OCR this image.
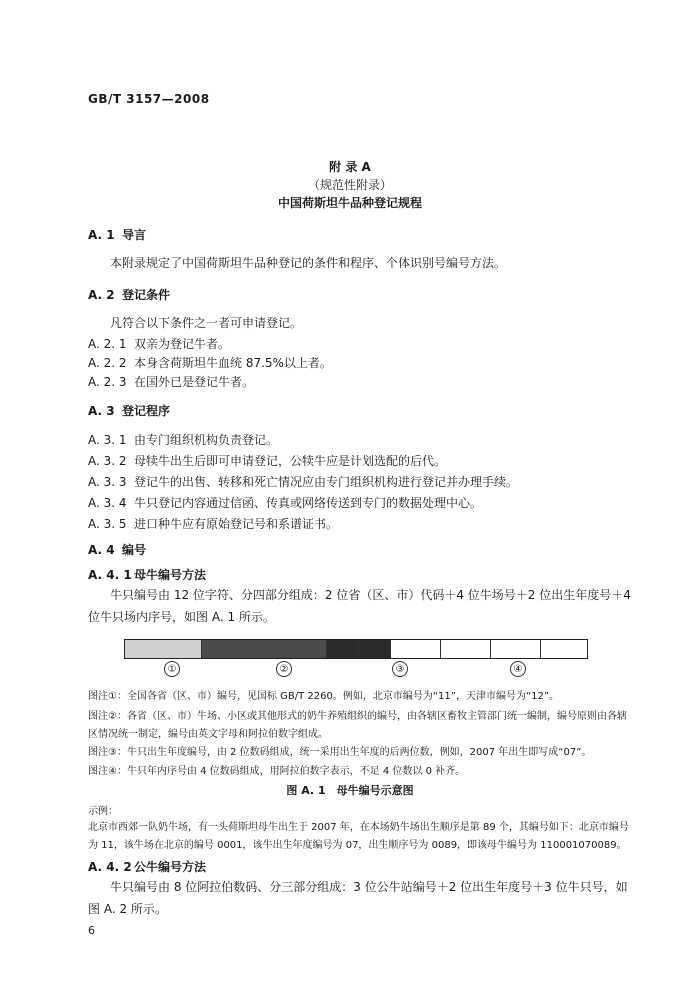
GB/T 3157—2008
附 录 A
（规范性附录）
中国荷斯坦牛品种登记规程
A. 1 导言
本附录规定了中国荷斯坦牛品种登记的条件和程序、个体识别号编号方法。
A. 2 登记条件
凡符合以下条件之一者可申请登记。
A. 2. 1 双亲为登记牛者。
A. 2. 2 本身含荷斯坦牛血统 87.5%以上者。
A. 2. 3 在国外已是登记牛者。
A. 3 登记程序
A. 3. 1 由专门组织机构负责登记。
A. 3. 2 母犊牛出生后即可申请登记，公犊牛应是计划选配的后代。
A. 3. 3 登记牛的出售、转移和死亡情况应由专门组织机构进行登记并办理手续。
A. 3. 4 牛只登记内容通过信函、传真或网络传送到专门的数据处理中心。
A. 3. 5 进口种牛应有原始登记号和系谱证书。
A. 4 编号
A. 4. 1 母牛编号方法
牛只编号由 12 位字符、分四部分组成：2 位省（区、市）代码＋4 位牛场号＋2 位出生年度号＋4 位牛只场内序号，如图 A. 1 所示。
①	②	③	④
图注①：全国各省（区、市）编号，见国标 GB/T 2260。例如，北京市编号为“11”，天津市编号为“12”。
图注②：各省（区、市）牛场、小区或其他形式的奶牛养殖组织的编号，由各辖区畜牧主管部门统一编制，编号原则由各辖区情况统一制定，编号由英文字母和阿拉伯数字组成。
图注③：牛只出生年度编号，由 2 位数码组成，统一采用出生年度的后两位数，例如，2007 年出生即写成“07”。
图注④：牛只年内序号由 4 位数码组成，用阿拉伯数字表示，不足 4 位数以 0 补齐。
图 A. 1　母牛编号示意图
示例：
北京市西郊一队奶牛场，有一头荷斯坦母牛出生于 2007 年，在本场奶牛场出生顺序是第 89 个，其编号如下：北京市编号为 11，该牛场在北京的编号 0001，该牛出生年度编号为 07，出生顺序号为 0089，即该母牛编号为 110001070089。
A. 4. 2 公牛编号方法
牛只编号由 8 位阿拉伯数码、分三部分组成：3 位公牛站编号＋2 位出生年度号＋3 位牛只号，如图 A. 2 所示。
6
